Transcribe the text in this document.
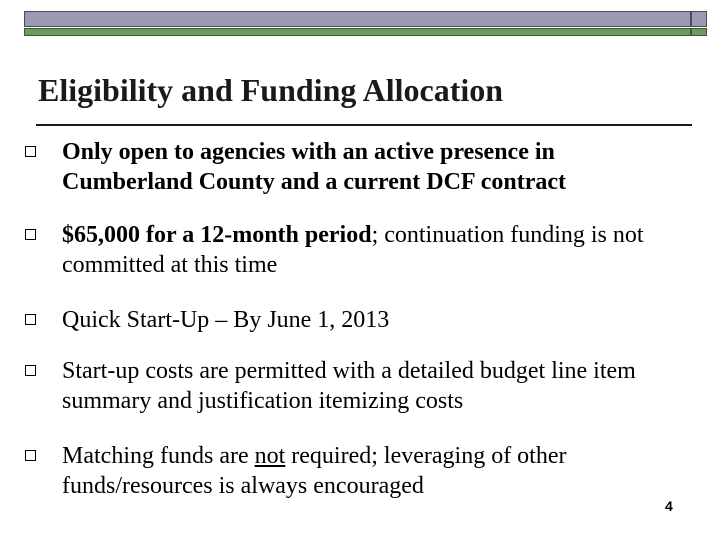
Eligibility and Funding Allocation
Only open to agencies with an active presence in Cumberland County and a current DCF contract
$65,000 for a 12-month period; continuation funding is not committed at this time
Quick Start-Up – By June 1, 2013
Start-up costs are permitted with a detailed budget line item summary and justification itemizing costs
Matching funds are not required; leveraging of other funds/resources is always encouraged
4
